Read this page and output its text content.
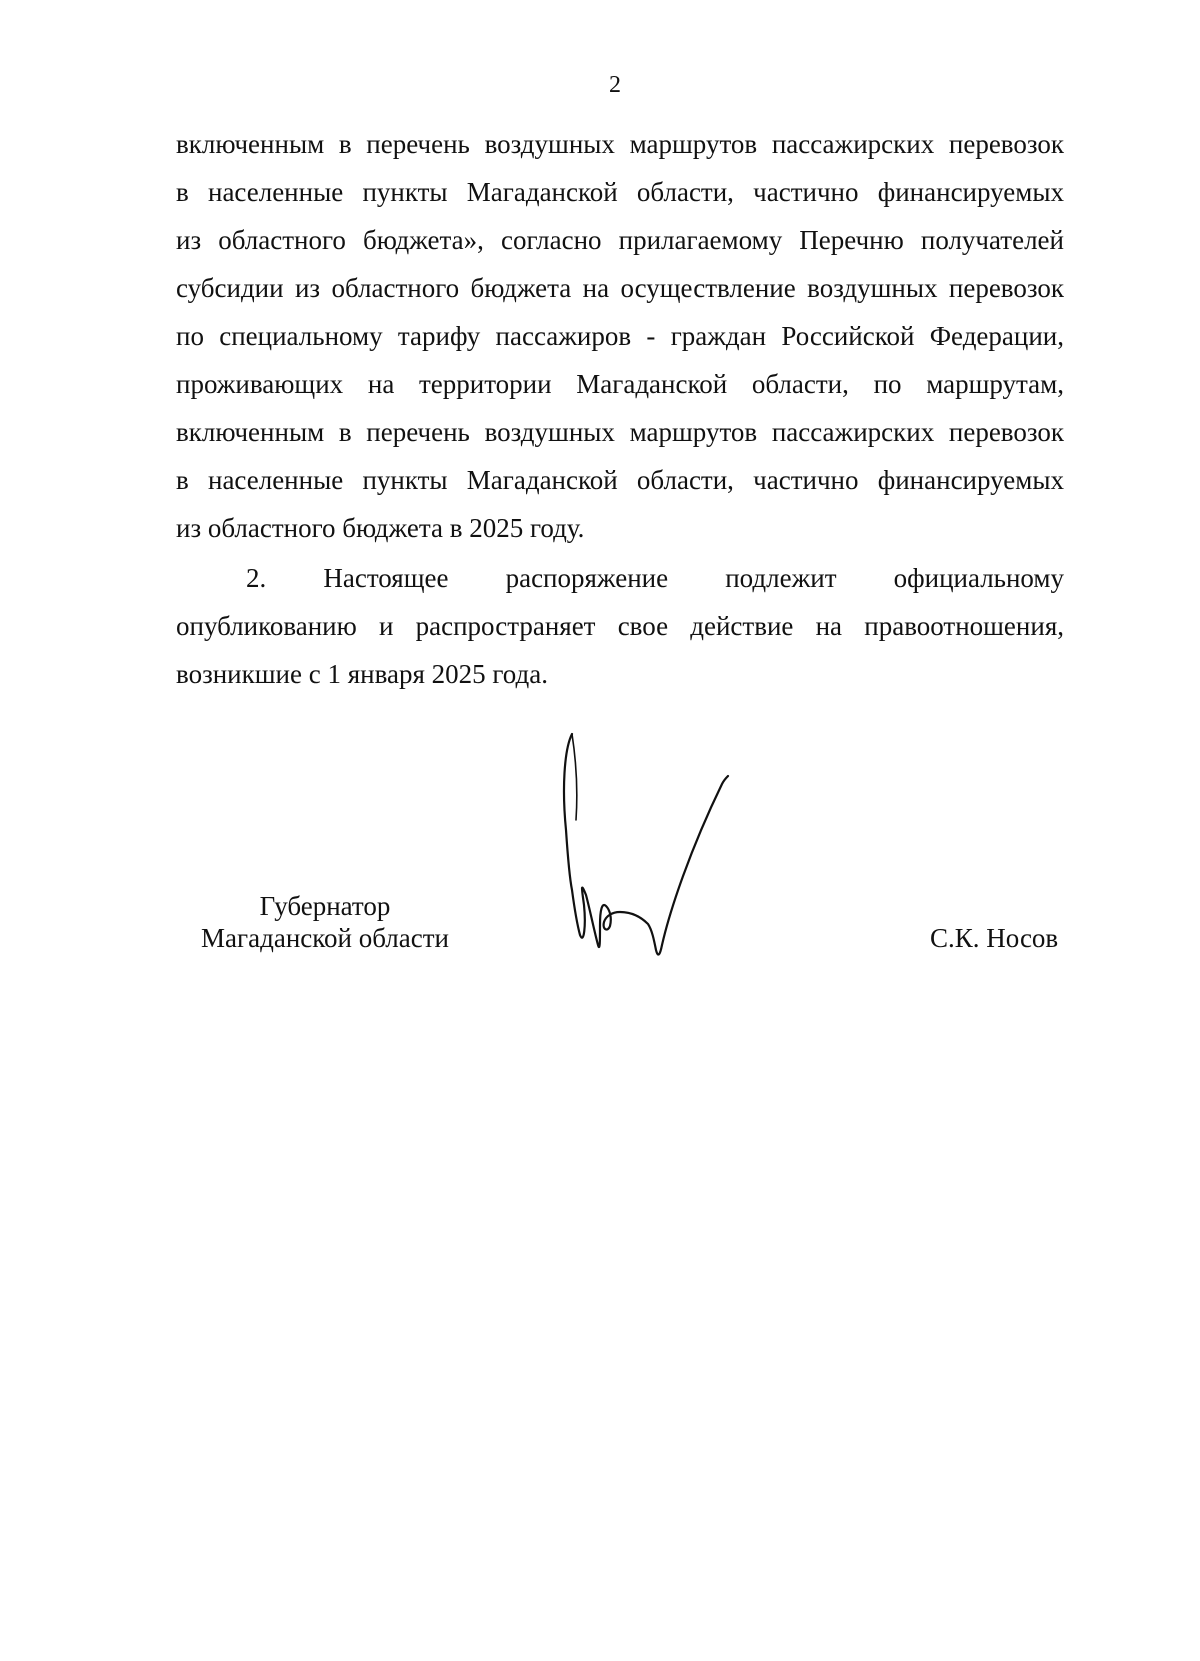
2
включенным в перечень воздушных маршрутов пассажирских перевозок
в населенные пункты Магаданской области, частично финансируемых
из областного бюджета», согласно прилагаемому Перечню получателей
субсидии из областного бюджета на осуществление воздушных перевозок
по специальному тарифу пассажиров - граждан Российской Федерации,
проживающих на территории Магаданской области, по маршрутам,
включенным в перечень воздушных маршрутов пассажирских перевозок
в населенные пункты Магаданской области, частично финансируемых
из областного бюджета в 2025 году.
2. Настоящее распоряжение подлежит официальному
опубликованию и распространяет свое действие на правоотношения,
возникшие с 1 января 2025 года.
Губернатор
Магаданской области	С.К. Носов
